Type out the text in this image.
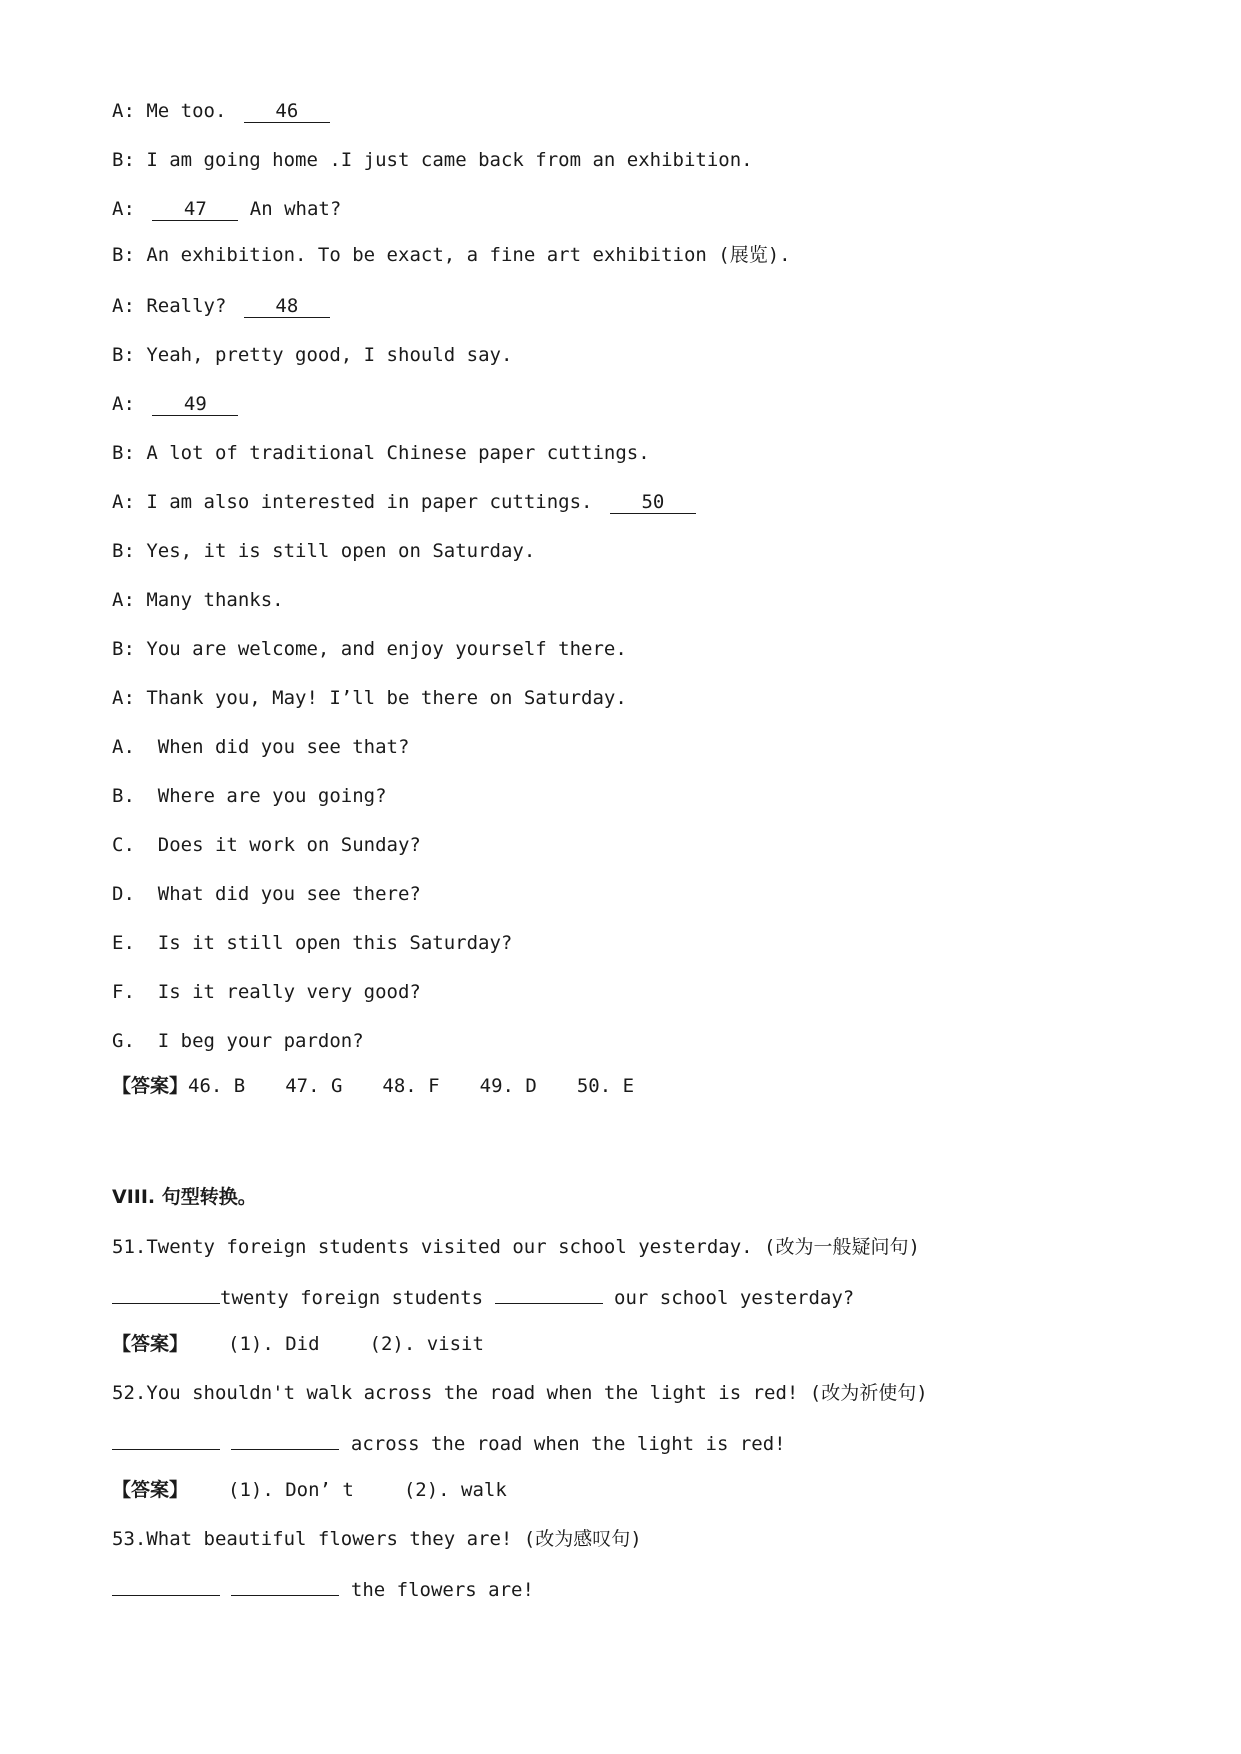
A: Me too.	46
B: I am going home .I just came back from an exhibition.
A:	47 An what?
B: An exhibition. To be exact, a fine art exhibition (展览).
A: Really?	48
B: Yeah, pretty good, I should say.
A:	49
B: A lot of traditional Chinese paper cuttings.
A: I am also interested in paper cuttings.	50
B: Yes, it is still open on Saturday.
A: Many thanks.
B: You are welcome, and enjoy yourself there.
A: Thank you, May! I’ll be there on Saturday.
A.  When did you see that?
B.  Where are you going?
C.  Does it work on Sunday?
D.  What did you see there?
E.  Is it still open this Saturday?
F.  Is it really very good?
G.  I beg your pardon?
【答案】46. B 47. G 48. F 49. D 50. E
VIII. 句型转换。
51.Twenty foreign students visited our school yesterday. (改为一般疑问句)
twenty foreign students	our school yesterday?
【答案】 (1). Did	(2). visit
52.You shouldn't walk across the road when the light is red! (改为祈使句)
across the road when the light is red!
【答案】 (1). Don’ t	(2). walk
53.What beautiful flowers they are! (改为感叹句)
the flowers are!
